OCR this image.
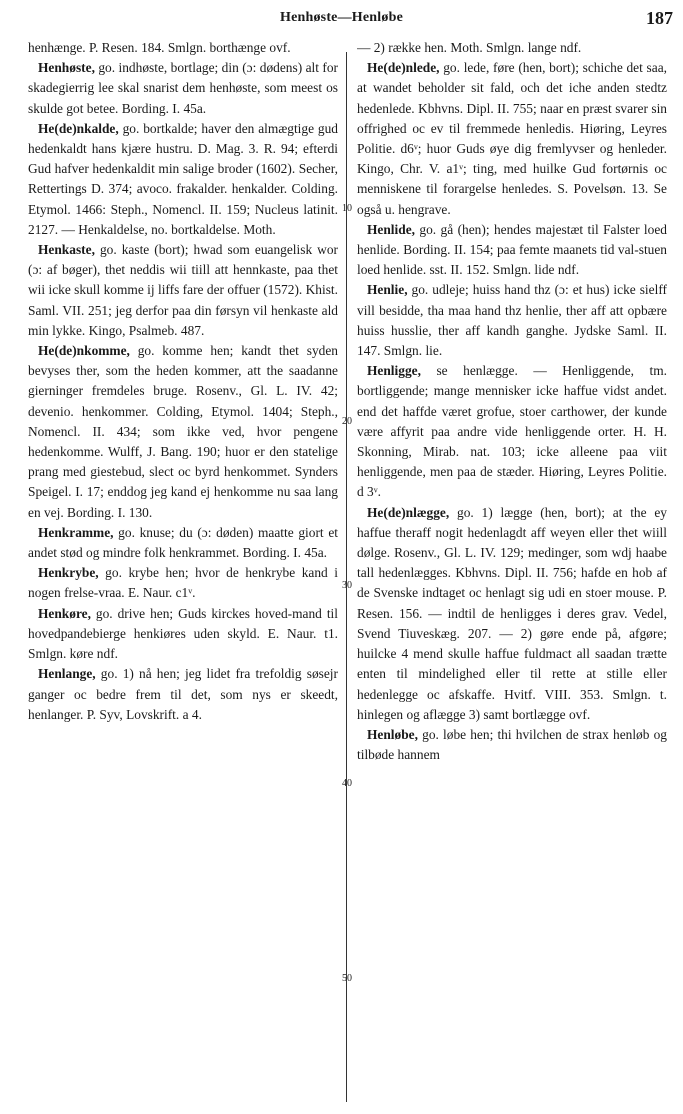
Henhøste—Henløbe	187

henhænge. P. Resen. 184. Smlgn. borthænge ovf.

Henhøste, go. indhøste, bortlage; din (ɔ: dødens) alt for skadegierrig lee skal snarist dem henhøste, som meest os skulde got betee. Bording. I. 45a.

He(de)nkalde, go. bortkalde; haver den almægtige gud hedenkaldt hans kjære hustru. D. Mag. 3. R. 94; efterdi Gud hafver hedenkaldit min salige broder (1602). Secher, Rettertings D. 374; avoco. frakalder. henkalder. Colding. Etymol. 1466: Steph., Nomencl. II. 159; Nucleus latinit. 2127. — Henkaldelse, no. bortkaldelse. Moth.

Henkaste, go. kaste (bort); hwad som euangelisk wor (ɔ: af bøger), thet neddis wii tiill att hennkaste, paa thet wii icke skull komme ij liffs fare der offuer (1572). Khist. Saml. VII. 251; jeg derfor paa din førsyn vil henkaste ald min lykke. Kingo, Psalmeb. 487.

He(de)nkomme, go. komme hen; kandt thet syden bevyses ther, som the heden kommer, att the saadanne gierninger fremdeles bruge. Rosenv., Gl. L. IV. 42; devenio. henkommer. Colding, Etymol. 1404; Steph., Nomencl. II. 434; som ikke ved, hvor pengene hedenkomme. Wulff, J. Bang. 190; huor er den statelige prang med giestebud, slect oc byrd henkommet. Synders Speigel. I. 17; enddog jeg kand ej henkomme nu saa lang en vej. Bording. I. 130.

Henkramme, go. knuse; du (ɔ: døden) maatte giort et andet stød og mindre folk henkrammet. Bording. I. 45a.

Henkrybe, go. krybe hen; hvor de henkrybe kand i nogen frelse-vraa. E. Naur. c1ᵛ.

Henkøre, go. drive hen; Guds kirckes hoved-mand til hovedpandebierge henkiøres uden skyld. E. Naur. t1. Smlgn. køre ndf.

Henlange, go. 1) nå hen; jeg lidet fra trefoldig søsejr ganger oc bedre frem til det, som nys er skeedt, henlanger. P. Syv, Lovskrift. a 4.

10
20
30
40
50

— 2) række hen. Moth. Smlgn. lange ndf.

He(de)nlede, go. lede, føre (hen, bort); schiche det saa, at wandet beholder sit fald, och det iche anden stedtz hedenlede. Kbhvns. Dipl. II. 755; naar en præst svarer sin offrighed oc ev til fremmede henledis. Hiøring, Leyres Politie. d6ᵛ; huor Guds øye dig fremlyvser og henleder. Kingo, Chr. V. a1ᵛ; ting, med huilke Gud fortørnis oc menniskene til forargelse henledes. S. Povelsøn. 13. Se også u. hengrave.

Henlide, go. gå (hen); hendes majestæt til Falster loed henlide. Bording. II. 154; paa femte maanets tid val-stuen loed henlide. sst. II. 152. Smlgn. lide ndf.

Henlie, go. udleje; huiss hand thz (ɔ: et hus) icke sielff vill besidde, tha maa hand thz henlie, ther aff att opbære huiss husslie, ther aff kandh ganghe. Jydske Saml. II. 147. Smlgn. lie.

Henligge, se henlægge. — Henliggende, tm. bortliggende; mange mennisker icke haffue vidst andet. end det haffde været grofue, stoer carthower, der kunde være affyrit paa andre vide henliggende orter. H. H. Skonning, Mirab. nat. 103; icke alleene paa viit henliggende, men paa de stæder. Hiøring, Leyres Politie. d 3ᵛ.

He(de)nlægge, go. 1) lægge (hen, bort); at the ey haffue theraff nogit hedenlagdt aff weyen eller thet wiill dølge. Rosenv., Gl. L. IV. 129; medinger, som wdj haabe tall hedenlægges. Kbhvns. Dipl. II. 756; hafde en hob af de Svenske indtaget oc henlagt sig udi en stoer mouse. P. Resen. 156. — indtil de henligges i deres grav. Vedel, Svend Tiuveskæg. 207. — 2) gøre ende på, afgøre; huilcke 4 mend skulle haffue fuldmact all saadan trætte enten til mindelighed eller til rette at stille eller hedenlegge oc afskaffe. Hvitf. VIII. 353. Smlgn. t. hinlegen og aflægge 3) samt bortlægge ovf.

Henløbe, go. løbe hen; thi hvilchen de strax henløb og tilbøde hannem
